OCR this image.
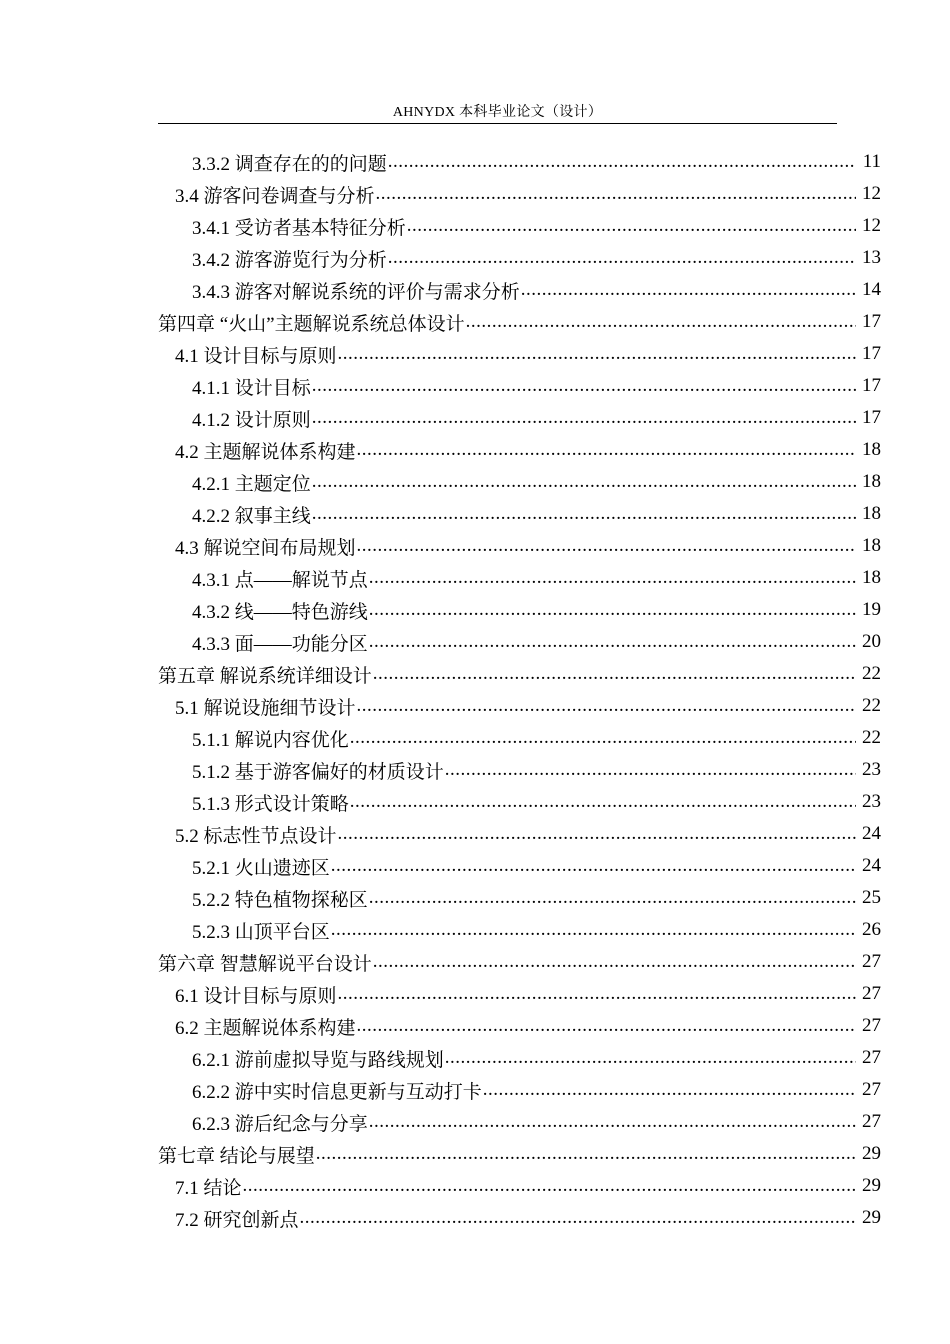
AHNYDX 本科毕业论文（设计）
3.3.2 调查存在的的问题 .....	11
3.4 游客问卷调查与分析 .....	12
3.4.1 受访者基本特征分析 .....	12
3.4.2 游客游览行为分析 .....	13
3.4.3 游客对解说系统的评价与需求分析 .....	14
第四章 “火山”主题解说系统总体设计 .....	17
4.1 设计目标与原则 .....	17
4.1.1 设计目标 .....	17
4.1.2 设计原则 .....	17
4.2 主题解说体系构建 .....	18
4.2.1 主题定位 .....	18
4.2.2 叙事主线 .....	18
4.3 解说空间布局规划 .....	18
4.3.1 点——解说节点 .....	18
4.3.2 线——特色游线 .....	19
4.3.3 面——功能分区 .....	20
第五章 解说系统详细设计 .....	22
5.1 解说设施细节设计 .....	22
5.1.1 解说内容优化 .....	22
5.1.2 基于游客偏好的材质设计 .....	23
5.1.3 形式设计策略 .....	23
5.2 标志性节点设计 .....	24
5.2.1 火山遗迹区 .....	24
5.2.2 特色植物探秘区 .....	25
5.2.3 山顶平台区 .....	26
第六章 智慧解说平台设计 .....	27
6.1 设计目标与原则 .....	27
6.2 主题解说体系构建 .....	27
6.2.1 游前虚拟导览与路线规划 .....	27
6.2.2 游中实时信息更新与互动打卡 .....	27
6.2.3 游后纪念与分享 .....	27
第七章 结论与展望 .....	29
7.1 结论 .....	29
7.2 研究创新点 .....	29
